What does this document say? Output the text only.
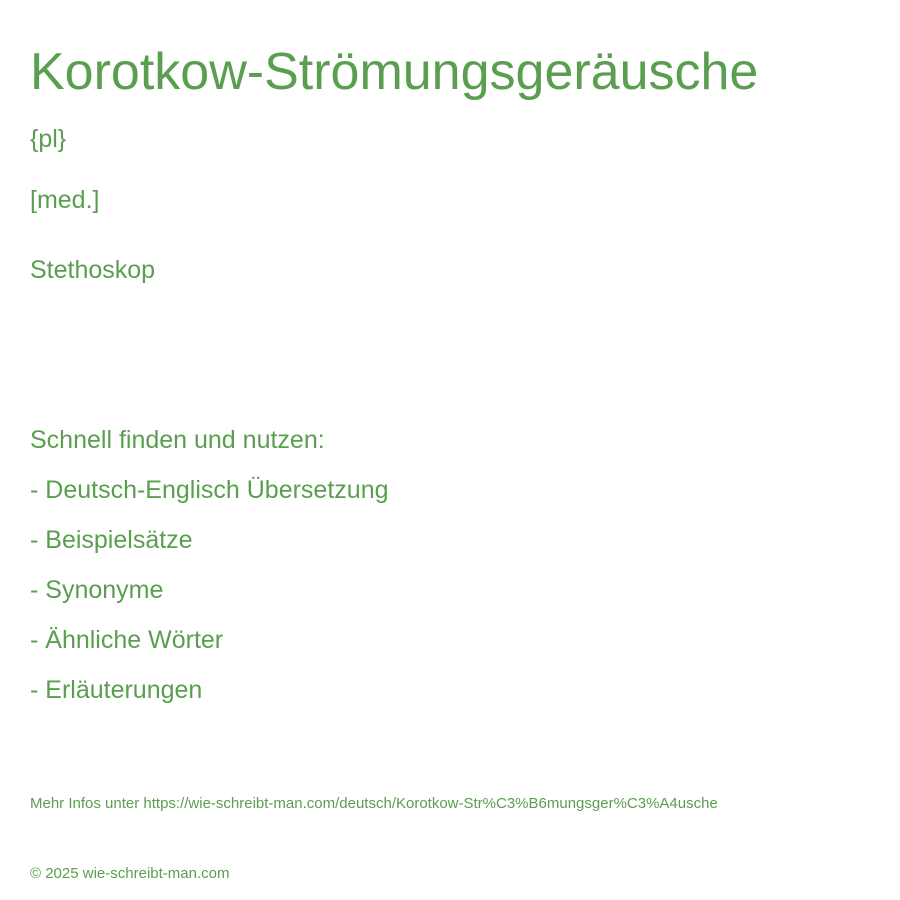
Korotkow-Strömungsgeräusche
{pl}
[med.]
Stethoskop
Schnell finden und nutzen:
- Deutsch-Englisch Übersetzung
- Beispielsätze
- Synonyme
- Ähnliche Wörter
- Erläuterungen
Mehr Infos unter https://wie-schreibt-man.com/deutsch/Korotkow-Str%C3%B6mungsger%C3%A4usche
© 2025 wie-schreibt-man.com
